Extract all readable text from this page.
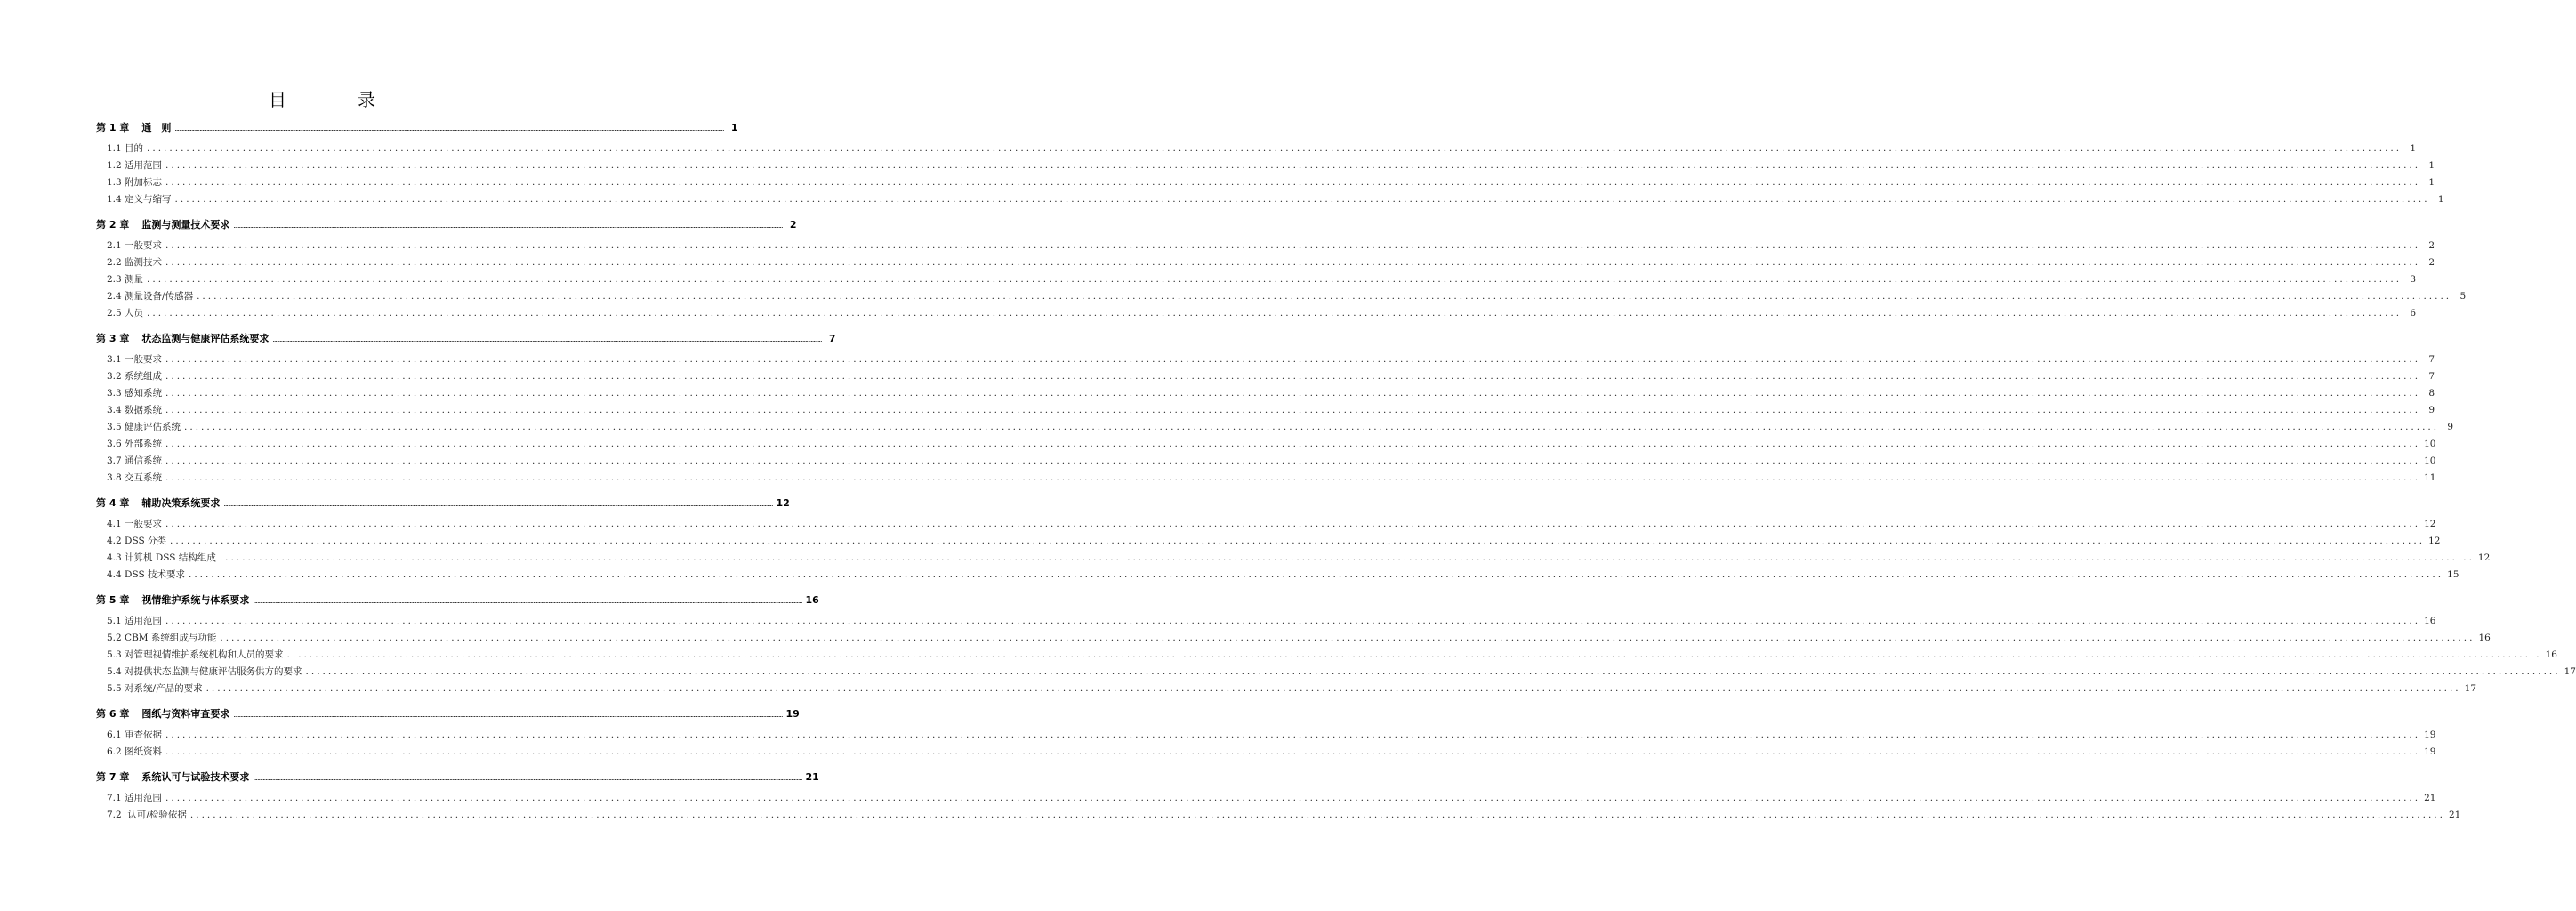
目　录
第 1 章 通　则 ................................................................................................................................................................................................................................................................................................................................................................................................................ 1
1.1 目的 ................................................................................................................................................................................................................................................................................................................................................................................................................ 1
1.2 适用范围 ................................................................................................................................................................................................................................................................................................................................................................................................................ 1
1.3 附加标志 ................................................................................................................................................................................................................................................................................................................................................................................................................ 1
1.4 定义与缩写 ................................................................................................................................................................................................................................................................................................................................................................................................................ 1
第 2 章 监测与测量技术要求 ................................................................................................................................................................................................................................................................................................................................................................................................................ 2
2.1 一般要求 ................................................................................................................................................................................................................................................................................................................................................................................................................ 2
2.2 监测技术 ................................................................................................................................................................................................................................................................................................................................................................................................................ 2
2.3 测量 ................................................................................................................................................................................................................................................................................................................................................................................................................ 3
2.4 测量设备/传感器 ................................................................................................................................................................................................................................................................................................................................................................................................................ 5
2.5 人员 ................................................................................................................................................................................................................................................................................................................................................................................................................ 6
第 3 章 状态监测与健康评估系统要求 ................................................................................................................................................................................................................................................................................................................................................................................................................ 7
3.1 一般要求 ................................................................................................................................................................................................................................................................................................................................................................................................................ 7
3.2 系统组成 ................................................................................................................................................................................................................................................................................................................................................................................................................ 7
3.3 感知系统 ................................................................................................................................................................................................................................................................................................................................................................................................................ 8
3.4 数据系统 ................................................................................................................................................................................................................................................................................................................................................................................................................ 9
3.5 健康评估系统 ................................................................................................................................................................................................................................................................................................................................................................................................................ 9
3.6 外部系统 ................................................................................................................................................................................................................................................................................................................................................................................................................ 10
3.7 通信系统 ................................................................................................................................................................................................................................................................................................................................................................................................................ 10
3.8 交互系统 ................................................................................................................................................................................................................................................................................................................................................................................................................ 11
第 4 章 辅助决策系统要求 ................................................................................................................................................................................................................................................................................................................................................................................................................ 12
4.1 一般要求 ................................................................................................................................................................................................................................................................................................................................................................................................................ 12
4.2 DSS 分类 ................................................................................................................................................................................................................................................................................................................................................................................................................ 12
4.3 计算机 DSS 结构组成 ................................................................................................................................................................................................................................................................................................................................................................................................................ 12
4.4 DSS 技术要求 ................................................................................................................................................................................................................................................................................................................................................................................................................ 15
第 5 章 视情维护系统与体系要求 ................................................................................................................................................................................................................................................................................................................................................................................................................ 16
5.1 适用范围 ................................................................................................................................................................................................................................................................................................................................................................................................................ 16
5.2 CBM 系统组成与功能 ................................................................................................................................................................................................................................................................................................................................................................................................................ 16
5.3 对管理视情维护系统机构和人员的要求 ................................................................................................................................................................................................................................................................................................................................................................................................................ 16
5.4 对提供状态监测与健康评估服务供方的要求 ................................................................................................................................................................................................................................................................................................................................................................................................................ 17
5.5 对系统/产品的要求 ................................................................................................................................................................................................................................................................................................................................................................................................................ 17
第 6 章 图纸与资料审查要求 ................................................................................................................................................................................................................................................................................................................................................................................................................ 19
6.1 审查依据 ................................................................................................................................................................................................................................................................................................................................................................................................................ 19
6.2 图纸资料 ................................................................................................................................................................................................................................................................................................................................................................................................................ 19
第 7 章 系统认可与试验技术要求 ................................................................................................................................................................................................................................................................................................................................................................................................................ 21
7.1 适用范围 ................................................................................................................................................................................................................................................................................................................................................................................................................ 21
7.2  认可/检验依据 ................................................................................................................................................................................................................................................................................................................................................................................................................ 21
